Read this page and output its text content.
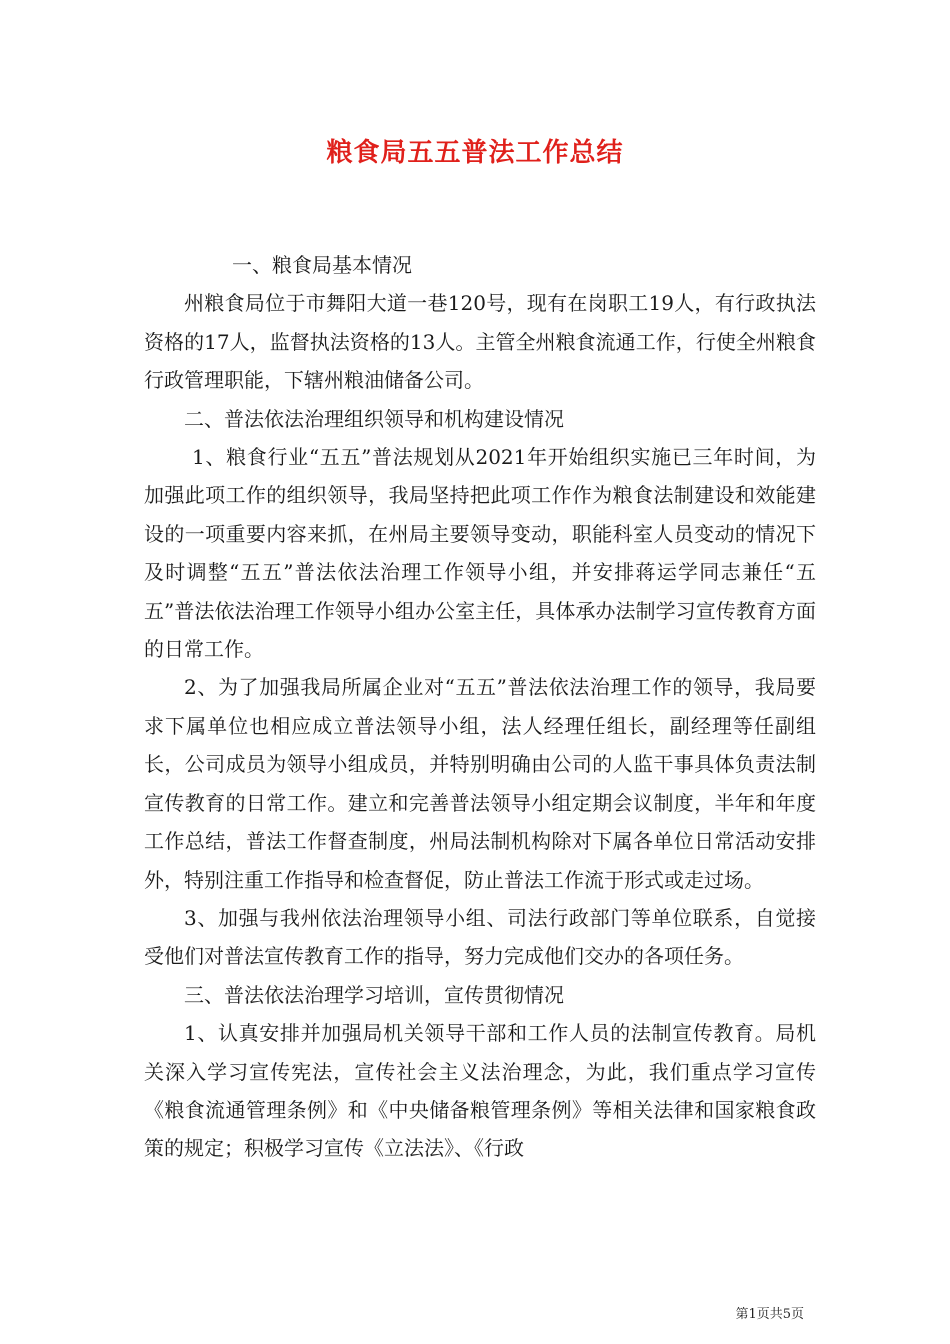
粮食局五五普法工作总结

一、粮食局基本情况

州粮食局位于市舞阳大道一巷120号，现有在岗职工19人，有行政执法资格的17人，监督执法资格的13人。主管全州粮食流通工作，行使全州粮食行政管理职能，下辖州粮油储备公司。

二、普法依法治理组织领导和机构建设情况

1、粮食行业“五五”普法规划从2021年开始组织实施已三年时间，为加强此项工作的组织领导，我局坚持把此项工作作为粮食法制建设和效能建设的一项重要内容来抓，在州局主要领导变动，职能科室人员变动的情况下及时调整“五五”普法依法治理工作领导小组，并安排蒋运学同志兼任“五五”普法依法治理工作领导小组办公室主任，具体承办法制学习宣传教育方面的日常工作。

2、为了加强我局所属企业对“五五”普法依法治理工作的领导，我局要求下属单位也相应成立普法领导小组，法人经理任组长，副经理等任副组长，公司成员为领导小组成员，并特别明确由公司的人监干事具体负责法制宣传教育的日常工作。建立和完善普法领导小组定期会议制度，半年和年度工作总结，普法工作督查制度，州局法制机构除对下属各单位日常活动安排外，特别注重工作指导和检查督促，防止普法工作流于形式或走过场。

3、加强与我州依法治理领导小组、司法行政部门等单位联系，自觉接受他们对普法宣传教育工作的指导，努力完成他们交办的各项任务。

三、普法依法治理学习培训，宣传贯彻情况

1、认真安排并加强局机关领导干部和工作人员的法制宣传教育。局机关深入学习宣传宪法，宣传社会主义法治理念，为此，我们重点学习宣传《粮食流通管理条例》和《中央储备粮管理条例》等相关法律和国家粮食政策的规定；积极学习宣传《立法法》、《行政

第1页共5页
